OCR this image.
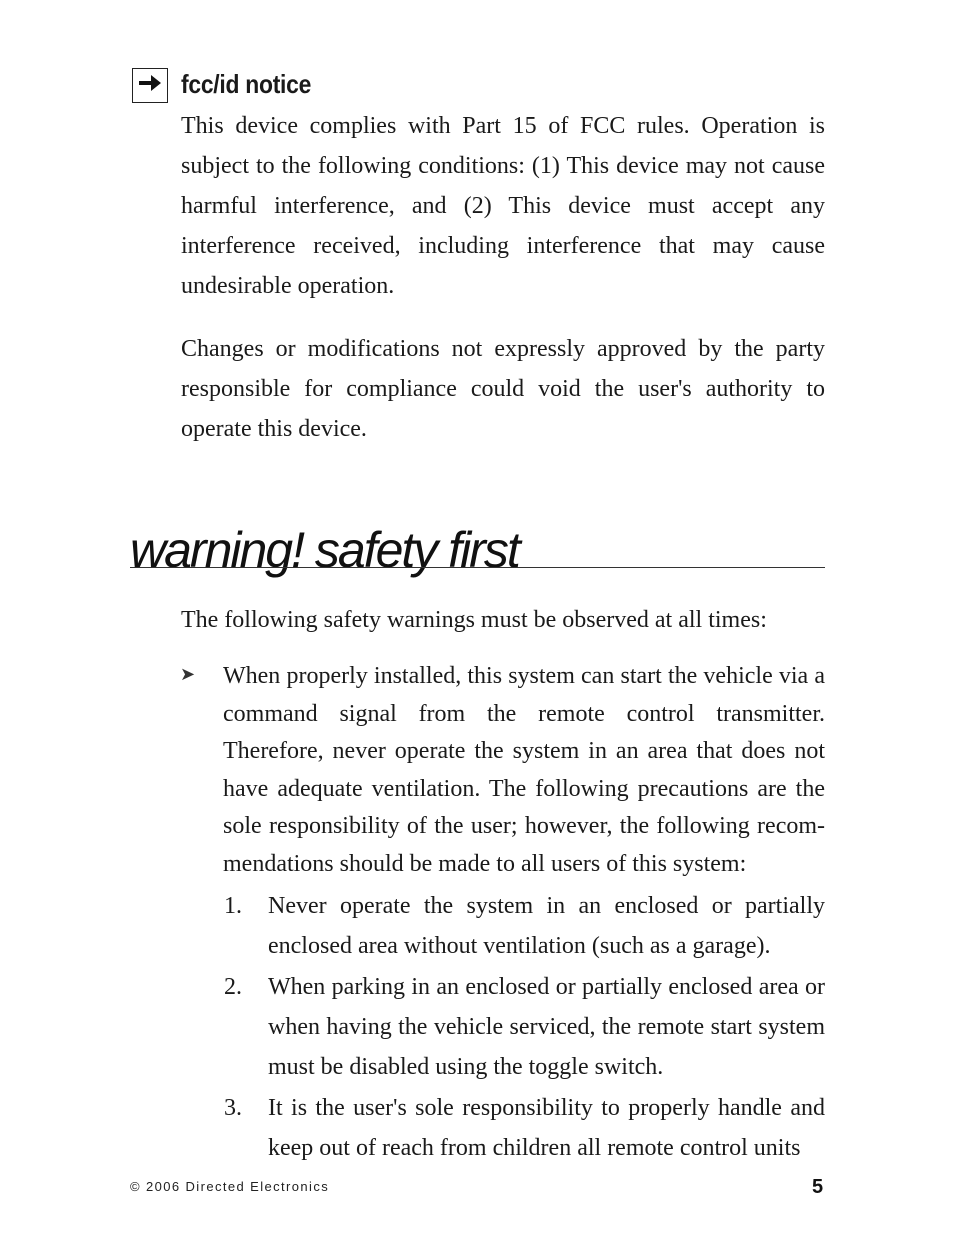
fcc/id notice

This device complies with Part 15 of FCC rules. Operation is subject to the following conditions: (1) This device may not cause harmful interference, and (2) This device must accept any interference received, including interference that may cause undesirable operation.

Changes or modifications not expressly approved by the party responsible for compliance could void the user's authority to operate this device.

warning! safety first

The following safety warnings must be observed at all times:

➤ When properly installed, this system can start the vehicle via a command signal from the remote control transmitter. Therefore, never operate the system in an area that does not have adequate ventilation. The following precautions are the sole responsibility of the user; however, the following recom-mendations should be made to all users of this system:

1.	Never operate the system in an enclosed or partially enclosed area without ventilation (such as a garage).

2.	When parking in an enclosed or partially enclosed area or when having the vehicle serviced, the remote start system must be disabled using the toggle switch.

3.	It is the user's sole responsibility to properly handle and keep out of reach from children all remote control units

© 2006 Directed Electronics	5
